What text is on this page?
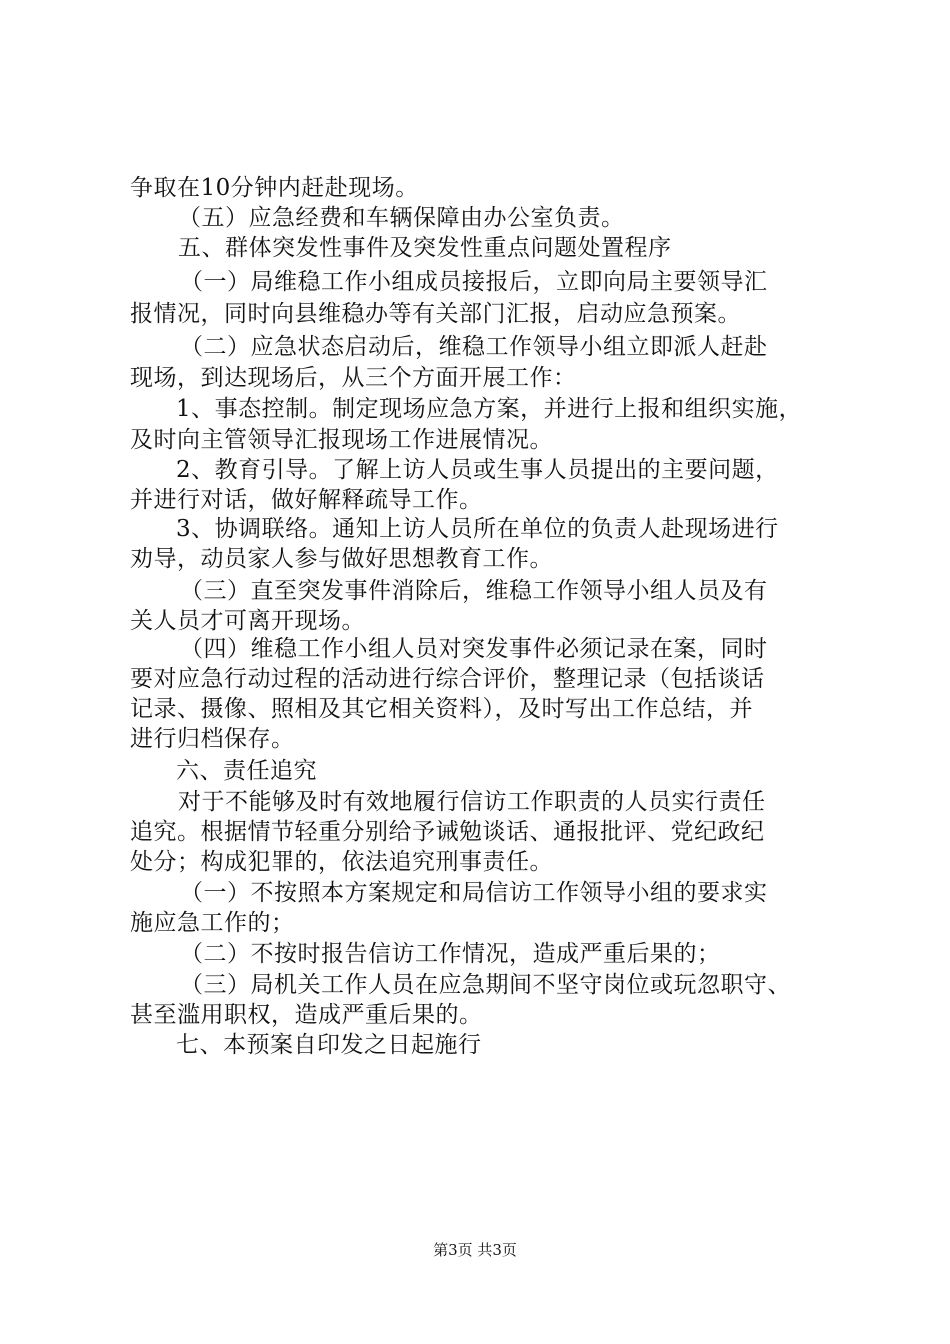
争取在10分钟内赶赴现场。
（五）应急经费和车辆保障由办公室负责。
五、群体突发性事件及突发性重点问题处置程序
（一）局维稳工作小组成员接报后，立即向局主要领导汇
报情况，同时向县维稳办等有关部门汇报，启动应急预案。
（二）应急状态启动后，维稳工作领导小组立即派人赶赴
现场，到达现场后，从三个方面开展工作：
1、事态控制。制定现场应急方案，并进行上报和组织实施，
及时向主管领导汇报现场工作进展情况。
2、教育引导。了解上访人员或生事人员提出的主要问题，
并进行对话，做好解释疏导工作。
3、协调联络。通知上访人员所在单位的负责人赴现场进行
劝导，动员家人参与做好思想教育工作。
（三）直至突发事件消除后，维稳工作领导小组人员及有
关人员才可离开现场。
（四）维稳工作小组人员对突发事件必须记录在案，同时
要对应急行动过程的活动进行综合评价，整理记录（包括谈话
记录、摄像、照相及其它相关资料），及时写出工作总结，并
进行归档保存。
六、责任追究
对于不能够及时有效地履行信访工作职责的人员实行责任
追究。根据情节轻重分别给予诫勉谈话、通报批评、党纪政纪
处分；构成犯罪的，依法追究刑事责任。
（一）不按照本方案规定和局信访工作领导小组的要求实
施应急工作的；
（二）不按时报告信访工作情况，造成严重后果的；
（三）局机关工作人员在应急期间不坚守岗位或玩忽职守、
甚至滥用职权，造成严重后果的。
七、本预案自印发之日起施行
第3页 共3页
